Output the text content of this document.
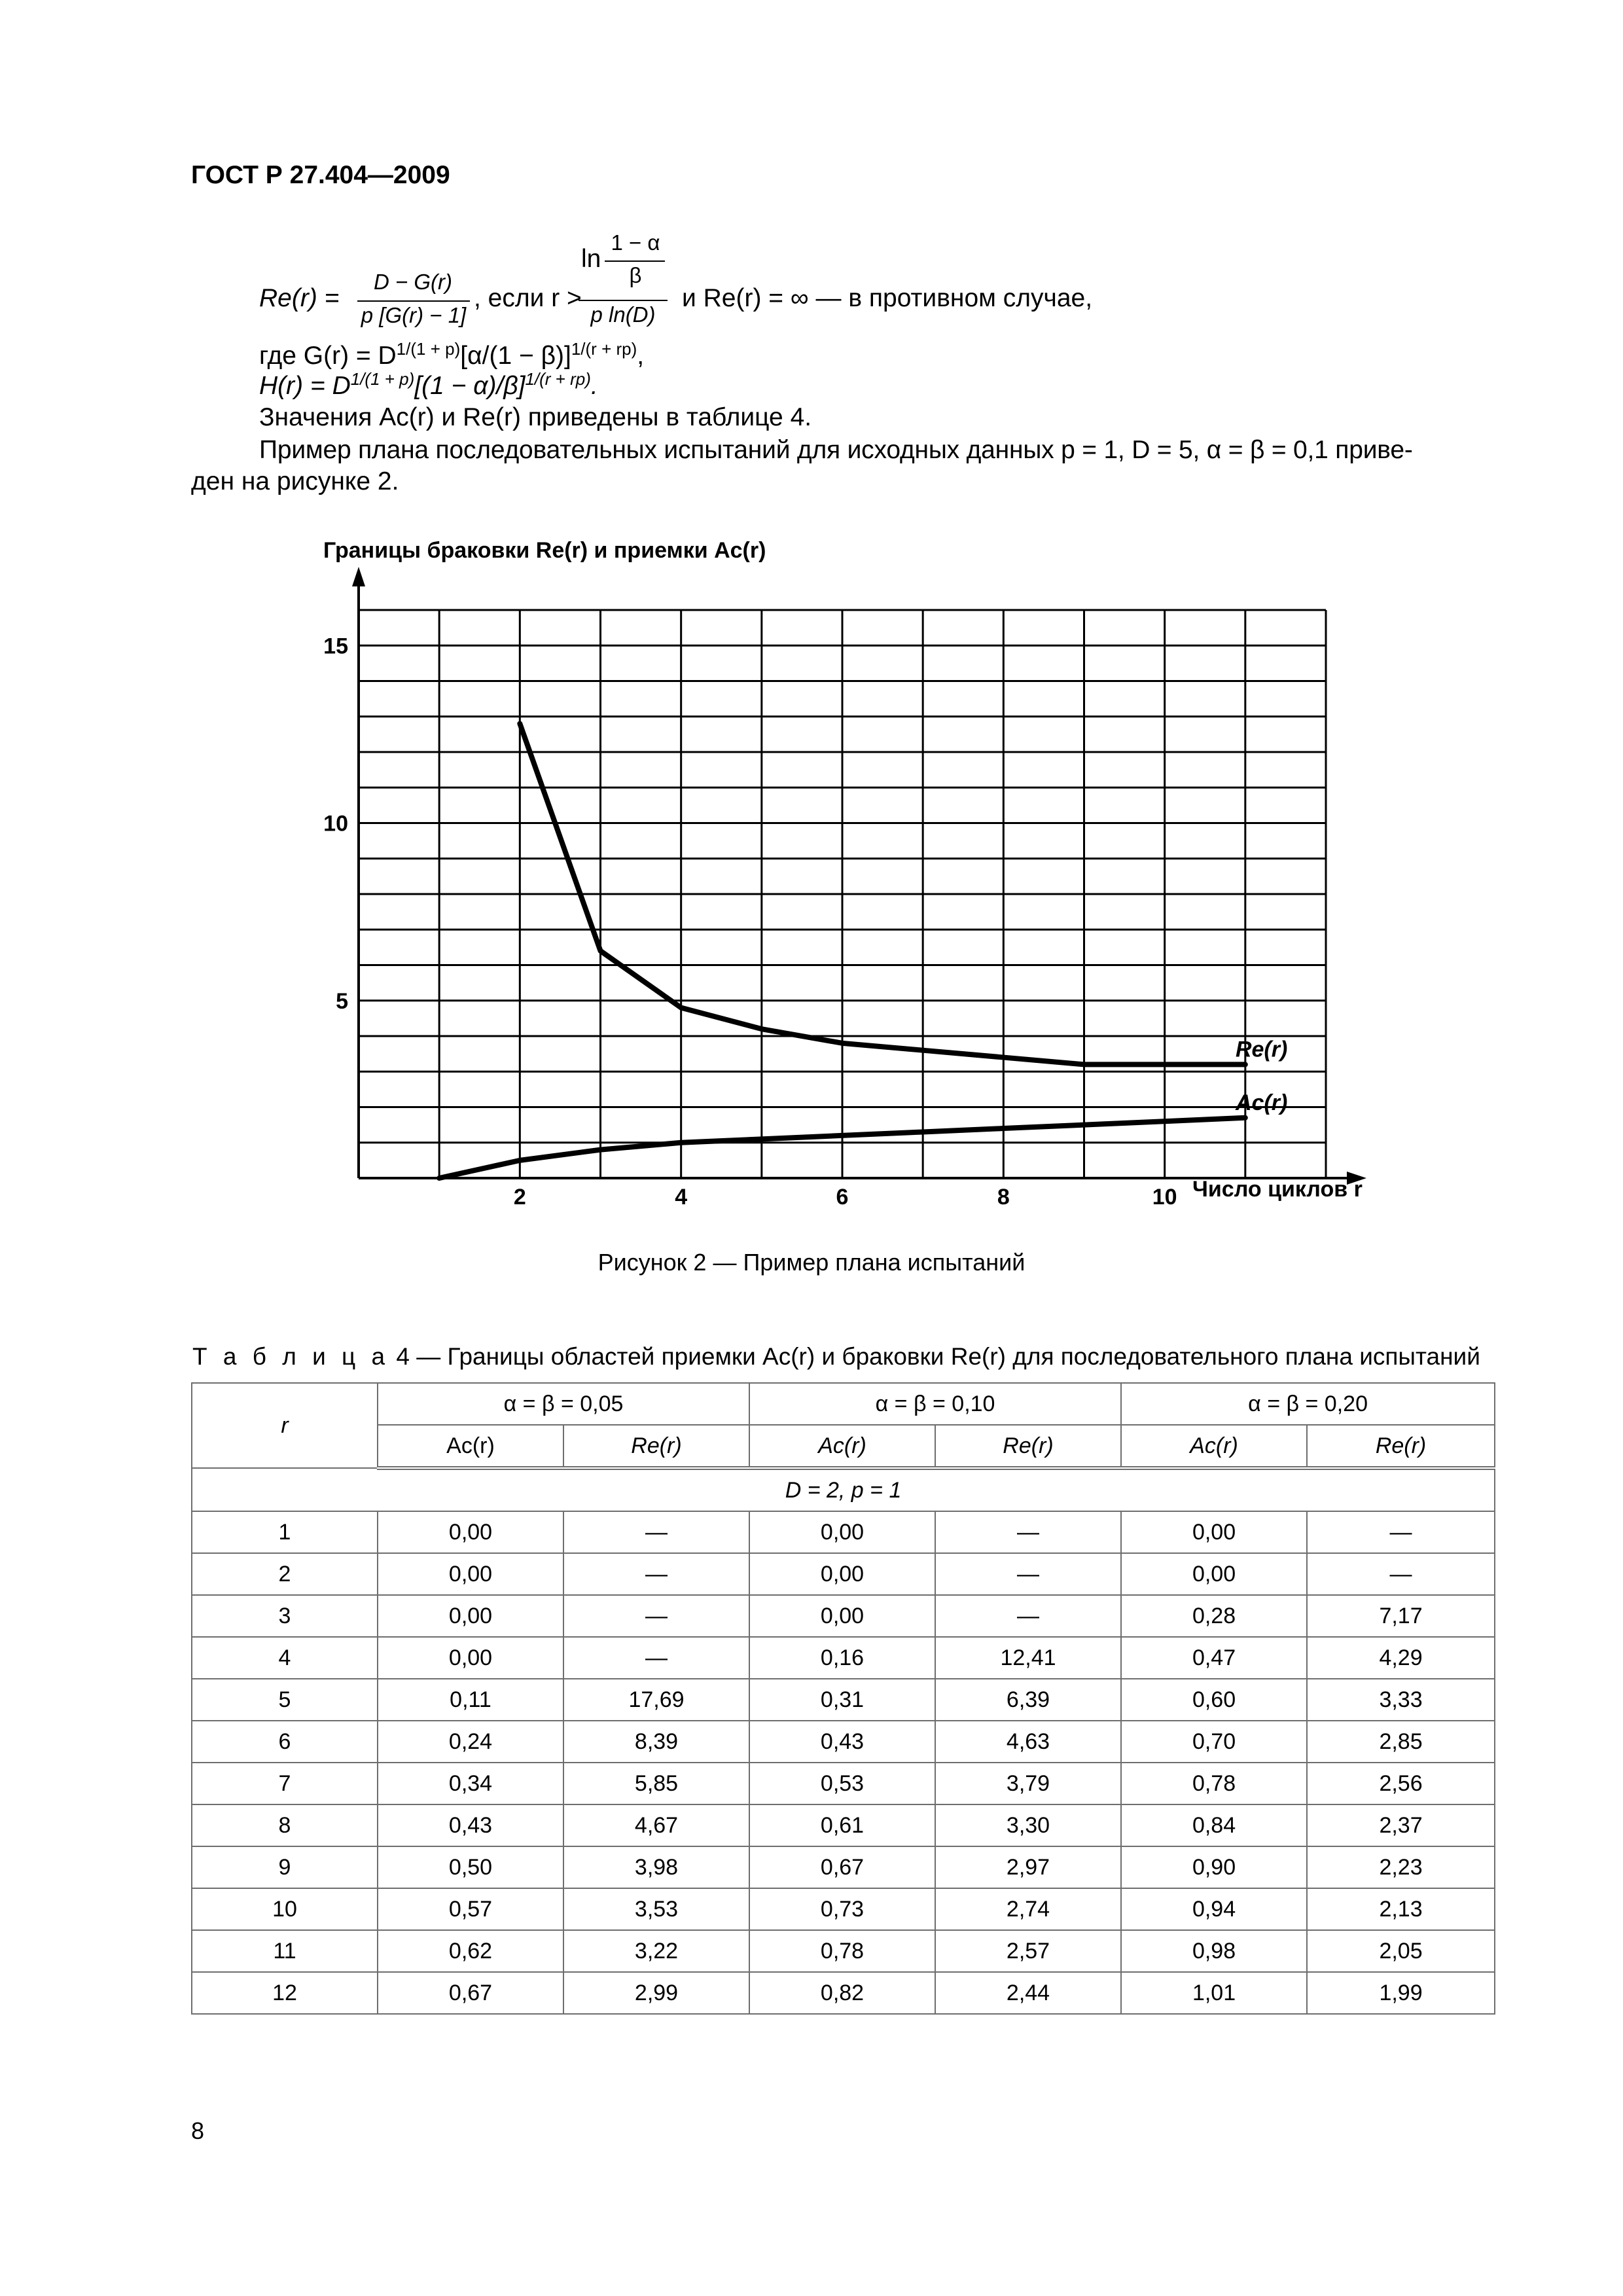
ГОСТ Р 27.404—2009
Re(r) =
D − G(r)
p [G(r) − 1]
, если r >
ln
1 − α
β
p ln(D)
и Re(r) = ∞ — в противном случае,
где $G(r) = D^{1/(1 + p)}[\alpha/(1 - \beta)]^{1/(r + rp)}$,
$H(r) = D^{1/(1 + p)}[(1 - \alpha)/\beta]^{1/(r + rp)}$.
Значения Ac(r) и Re(r) приведены в таблице 4.
Пример плана последовательных испытаний для исходных данных p = 1, D = 5, α = β = 0,1 приве-
ден на рисунке 2.
Границы браковки Re(r) и приемки Ac(r)
Число циклов r
2	4	6	8	10
5
10
15
Re(r)
Ac(r)
Рисунок 2 — Пример плана испытаний
Т а б л и ц а 4 — Границы областей приемки Ac(r) и браковки Re(r) для последовательного плана испытаний
r	α = β = 0,05		α = β = 0,10		α = β = 0,20	
	Ac(r)	Re(r)	Ac(r)	Re(r)	Ac(r)	Re(r)
D = 2, p = 1						
1	0,00	—	0,00	—	0,00	—
2	0,00	—	0,00	—	0,00	—
3	0,00	—	0,00	—	0,28	7,17
4	0,00	—	0,16	12,41	0,47	4,29
5	0,11	17,69	0,31	6,39	0,60	3,33
6	0,24	8,39	0,43	4,63	0,70	2,85
7	0,34	5,85	0,53	3,79	0,78	2,56
8	0,43	4,67	0,61	3,30	0,84	2,37
9	0,50	3,98	0,67	2,97	0,90	2,23
10	0,57	3,53	0,73	2,74	0,94	2,13
11	0,62	3,22	0,78	2,57	0,98	2,05
12	0,67	2,99	0,82	2,44	1,01	1,99
8
